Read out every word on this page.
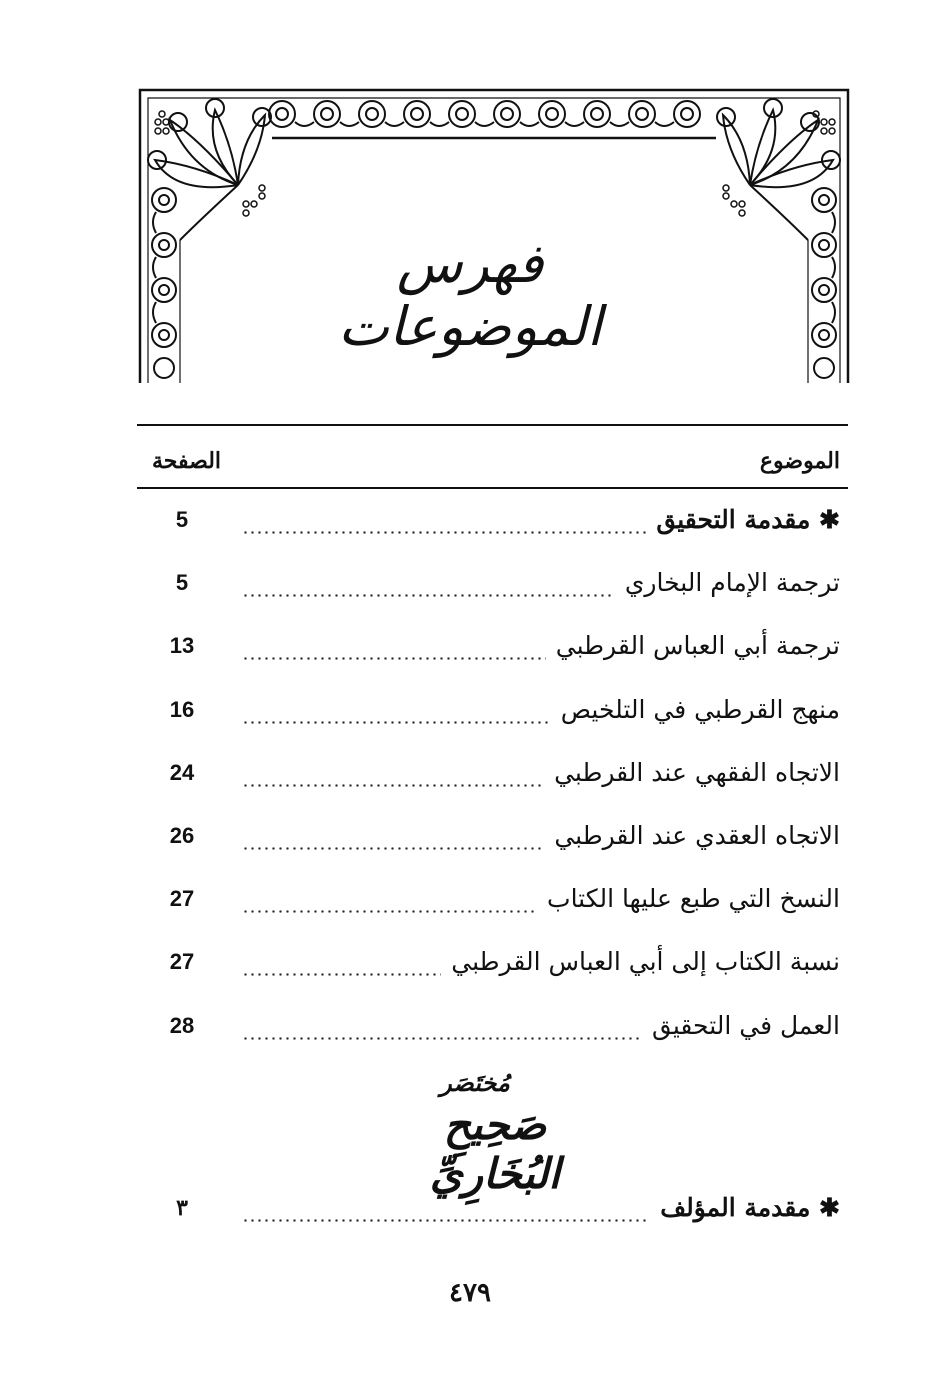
فهرس الموضوعات
الموضوع
الصفحة
✱ مقدمة التحقيق
5
ترجمة الإمام البخاري
5
ترجمة أبي العباس القرطبي
13
منهج القرطبي في التلخيص
16
الاتجاه الفقهي عند القرطبي
24
الاتجاه العقدي عند القرطبي
26
النسخ التي طبع عليها الكتاب
27
نسبة الكتاب إلى أبي العباس القرطبي
27
العمل في التحقيق
28
مُختَصَر
صَحِيحِ البُخَارِيِّ
✱ مقدمة المؤلف
٣
٤٧٩
